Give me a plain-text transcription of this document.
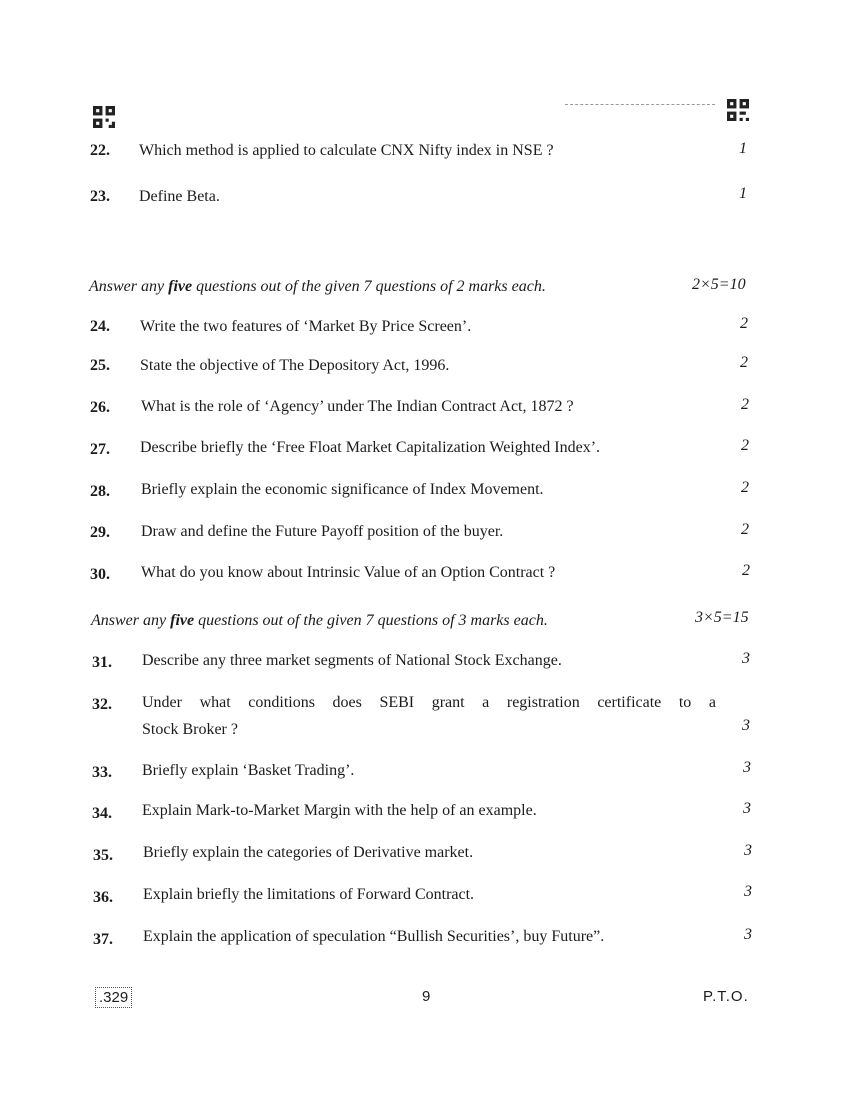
22. Which method is applied to calculate CNX Nifty index in NSE ?	1
23. Define Beta.	1
Answer any five questions out of the given 7 questions of 2 marks each.	2×5=10
24. Write the two features of ‘Market By Price Screen’.	2
25. State the objective of The Depository Act, 1996.	2
26. What is the role of ‘Agency’ under The Indian Contract Act, 1872 ?	2
27. Describe briefly the ‘Free Float Market Capitalization Weighted Index’.	2
28. Briefly explain the economic significance of Index Movement.	2
29. Draw and define the Future Payoff position of the buyer.	2
30. What do you know about Intrinsic Value of an Option Contract ?	2
Answer any five questions out of the given 7 questions of 3 marks each.	3×5=15
31. Describe any three market segments of National Stock Exchange.	3
32. Under what conditions does SEBI grant a registration certificate to a
Stock Broker ?	3
33. Briefly explain ‘Basket Trading’.	3
34. Explain Mark-to-Market Margin with the help of an example.	3
35. Briefly explain the categories of Derivative market.	3
36. Explain briefly the limitations of Forward Contract.	3
37. Explain the application of speculation “Bullish Securities’, buy Future”.	3
.329	9	P.T.O.
